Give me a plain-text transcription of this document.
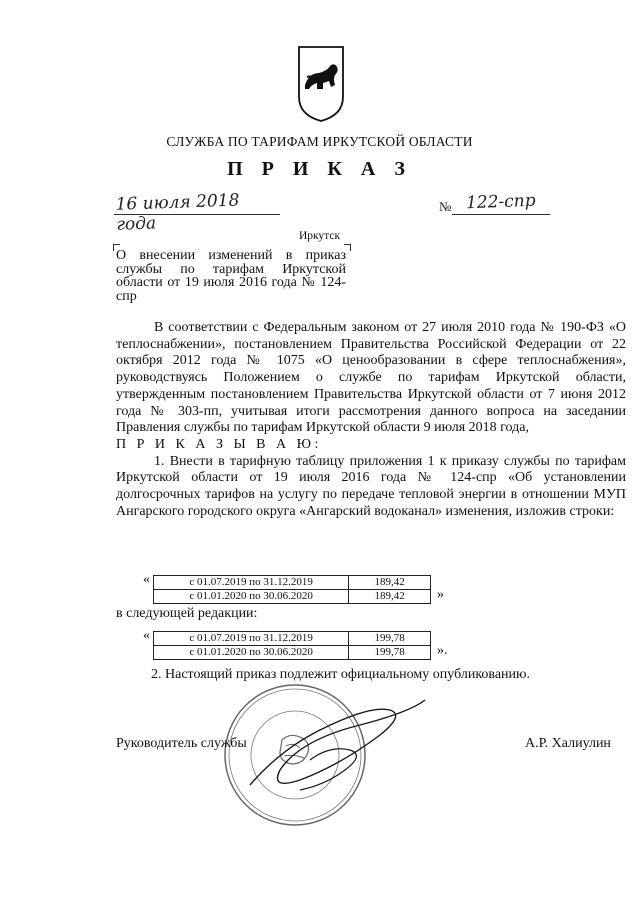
СЛУЖБА ПО ТАРИФАМ ИРКУТСКОЙ ОБЛАСТИ
П Р И К А З
16 июля 2018 года
№ 122-спр
Иркутск
О внесении изменений в приказ службы по тарифам Иркутской области от 19 июля 2016 года № 124-спр

В соответствии с Федеральным законом от 27 июля 2010 года № 190-ФЗ «О теплоснабжении», постановлением Правительства Российской Федерации от 22 октября 2012 года № 1075 «О ценообразовании в сфере теплоснабжения», руководствуясь Положением о службе по тарифам Иркутской области, утвержденным постановлением Правительства Иркутской области от 7 июня 2012 года № 303-пп, учитывая итоги рассмотрения данного вопроса на заседании Правления службы по тарифам Иркутской области 9 июля 2018 года,

П Р И К А З Ы В А Ю:

1. Внести в тарифную таблицу приложения 1 к приказу службы по тарифам Иркутской области от 19 июля 2016 года № 124-спр «Об установлении долгосрочных тарифов на услугу по передаче тепловой энергии в отношении МУП Ангарского городского округа «Ангарский водоканал» изменения, изложив строки:

«	с 01.07.2019 по 31.12.2019	189,42
с 01.01.2020 по 30.06.2020	189,42 »
в следующей редакции:
«	с 01.07.2019 по 31.12.2019	199,78
с 01.01.2020 по 30.06.2020	199,78 ».
2. Настоящий приказ подлежит официальному опубликованию.
Руководитель службы	А.Р. Халиулин
